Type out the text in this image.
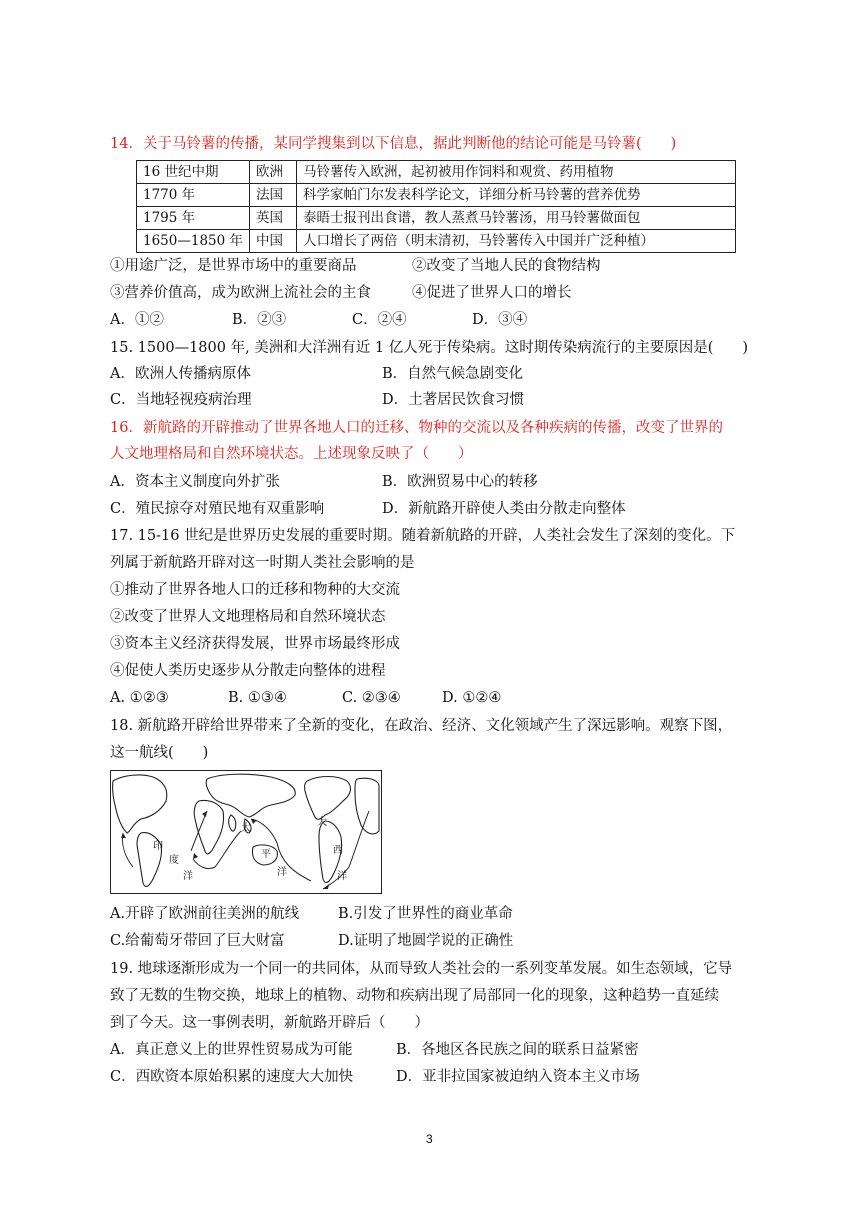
14．关于马铃薯的传播，某同学搜集到以下信息，据此判断他的结论可能是马铃薯(　　)
16 世纪中期	欧洲	马铃薯传入欧洲，起初被用作饲料和观赏、药用植物
1770 年	法国	科学家帕门尔发表科学论文，详细分析马铃薯的营养优势
1795 年	英国	泰晤士报刊出食谱，教人蒸煮马铃薯汤，用马铃薯做面包
1650—1850 年	中国	人口增长了两倍（明末清初，马铃薯传入中国并广泛种植）
①用途广泛，是世界市场中的重要商品	②改变了当地人民的食物结构
③营养价值高，成为欧洲上流社会的主食	④促进了世界人口的增长
A．①②	B．②③	C．②④	D．③④
15. 1500—1800 年, 美洲和大洋洲有近 1 亿人死于传染病。这时期传染病流行的主要原因是(　　)
A．欧洲人传播病原体	B．自然气候急剧变化
C．当地轻视疫病治理	D．土著居民饮食习惯
16．新航路的开辟推动了世界各地人口的迁移、物种的交流以及各种疾病的传播，改变了世界的
人文地理格局和自然环境状态。上述现象反映了（　　）
A．资本主义制度向外扩张	B．欧洲贸易中心的转移
C．殖民掠夺对殖民地有双重影响	D．新航路开辟使人类由分散走向整体
17. 15-16 世纪是世界历史发展的重要时期。随着新航路的开辟，人类社会发生了深刻的变化。下
列属于新航路开辟对这一时期人类社会影响的是
①推动了世界各地人口的迁移和物种的大交流
②改变了世界人文地理格局和自然环境状态
③资本主义经济获得发展，世界市场最终形成
④促使人类历史逐步从分散走向整体的进程
A. ①②③	B. ①③④	C. ②③④	D. ①②④
18. 新航路开辟给世界带来了全新的变化，在政治、经济、文化领域产生了深远影响。观察下图，
这一航线(　　)
太
平
洋
印
度
洋
大
西
洋
A.开辟了欧洲前往美洲的航线	B.引发了世界性的商业革命
C.给葡萄牙带回了巨大财富	D.证明了地圆学说的正确性
19. 地球逐渐形成为一个同一的共同体，从而导致人类社会的一系列变革发展。如生态领域，它导
致了无数的生物交换，地球上的植物、动物和疾病出现了局部同一化的现象，这种趋势一直延续
到了今天。这一事例表明，新航路开辟后（　　）
A．真正意义上的世界性贸易成为可能	B．各地区各民族之间的联系日益紧密
C．西欧资本原始积累的速度大大加快	D．亚非拉国家被迫纳入资本主义市场
3
